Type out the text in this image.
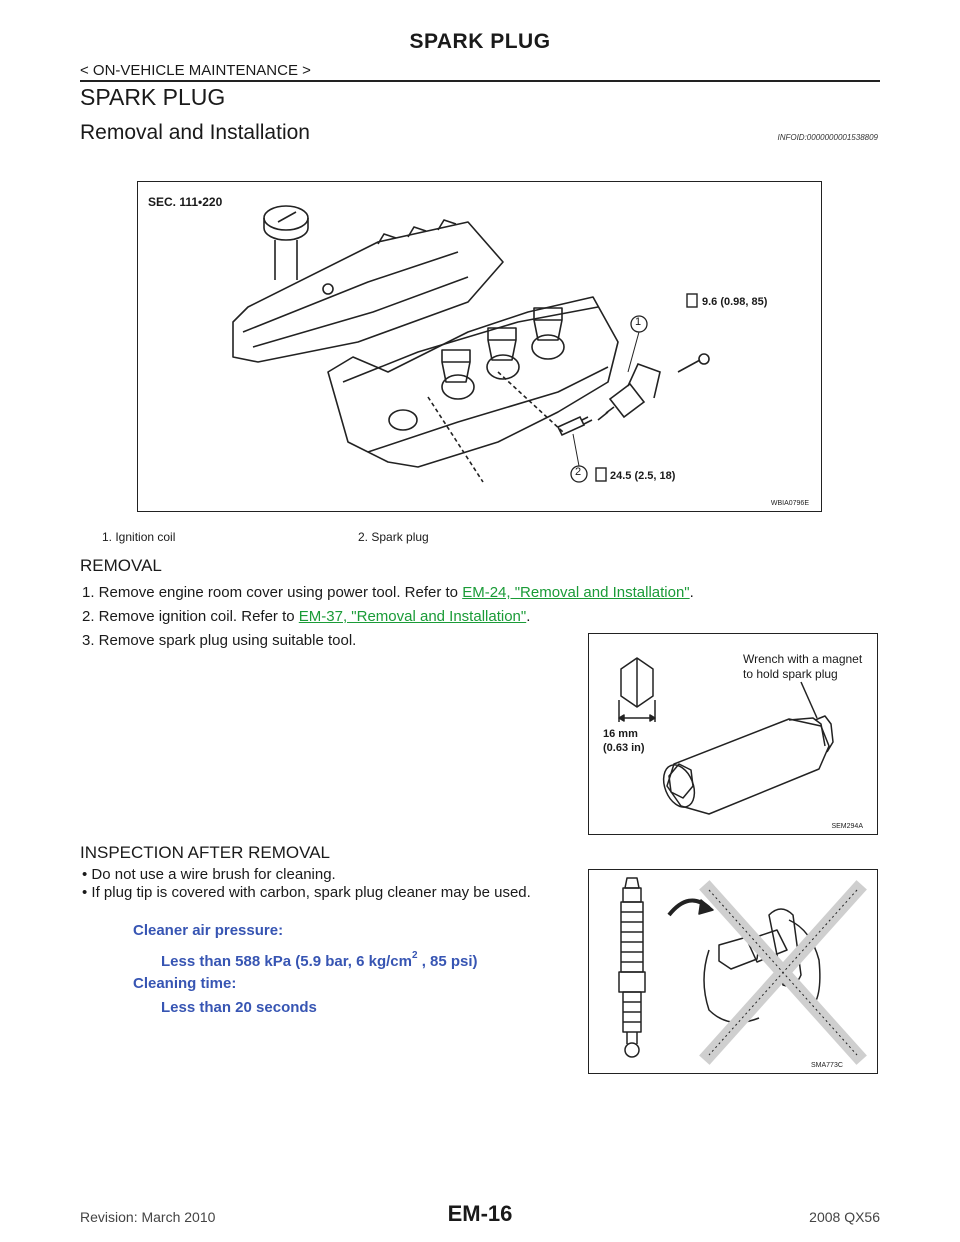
SPARK PLUG
< ON-VEHICLE MAINTENANCE >
SPARK PLUG
Removal and Installation	INFOID:0000000001538809
SEC. 111•220
9.6 (0.98, 85)
24.5 (2.5, 18)
1
2
WBIA0796E
1. Ignition coil	2. Spark plug
REMOVAL
1. Remove engine room cover using power tool. Refer to EM-24, "Removal and Installation".
2. Remove ignition coil. Refer to EM-37, "Removal and Installation".
3. Remove spark plug using suitable tool.
Wrench with a magnet
to hold spark plug
16 mm
(0.63 in)
SEM294A
INSPECTION AFTER REMOVAL
• Do not use a wire brush for cleaning.
• If plug tip is covered with carbon, spark plug cleaner may be used.
Cleaner air pressure:
Less than 588 kPa (5.9 bar, 6 $kg/cm^2$ , 85 psi)
Cleaning time:
Less than 20 seconds
SMA773C
Revision: March 2010	EM-16	2008 QX56
